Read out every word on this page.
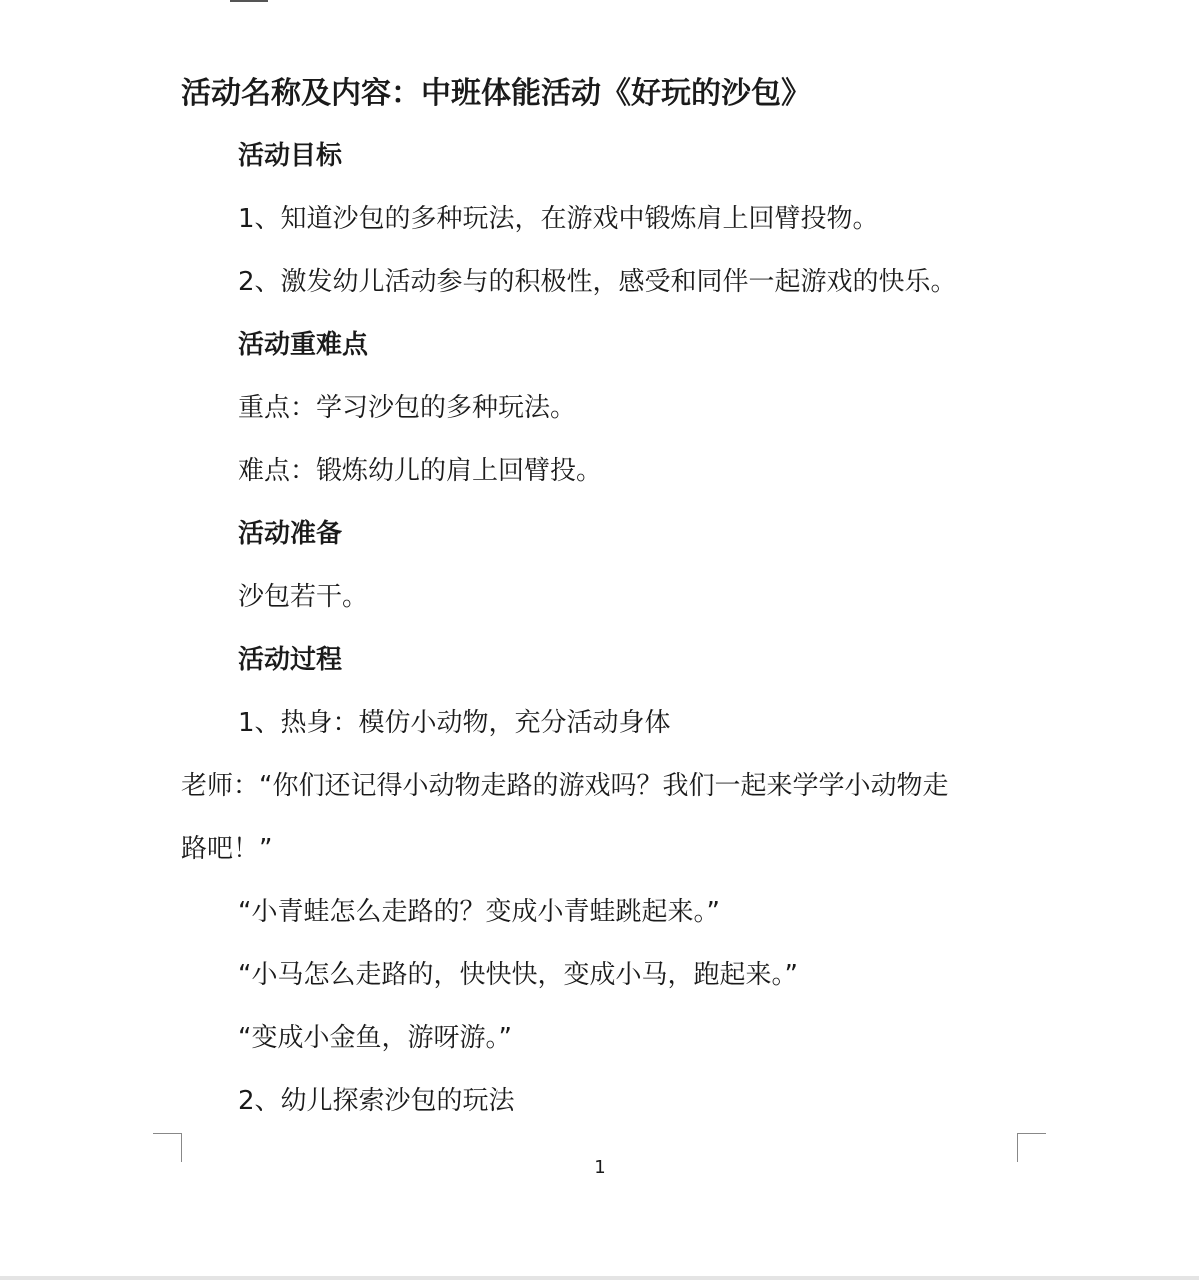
活动名称及内容：中班体能活动《好玩的沙包》
活动目标
1、知道沙包的多种玩法，在游戏中锻炼肩上回臂投物。
2、激发幼儿活动参与的积极性，感受和同伴一起游戏的快乐。
活动重难点
重点：学习沙包的多种玩法。
难点：锻炼幼儿的肩上回臂投。
活动准备
沙包若干。
活动过程
1、热身：模仿小动物，充分活动身体
老师：“你们还记得小动物走路的游戏吗？我们一起来学学小动物走
路吧！”
“小青蛙怎么走路的？变成小青蛙跳起来。”
“小马怎么走路的，快快快，变成小马，跑起来。”
“变成小金鱼，游呀游。”
2、幼儿探索沙包的玩法
1
